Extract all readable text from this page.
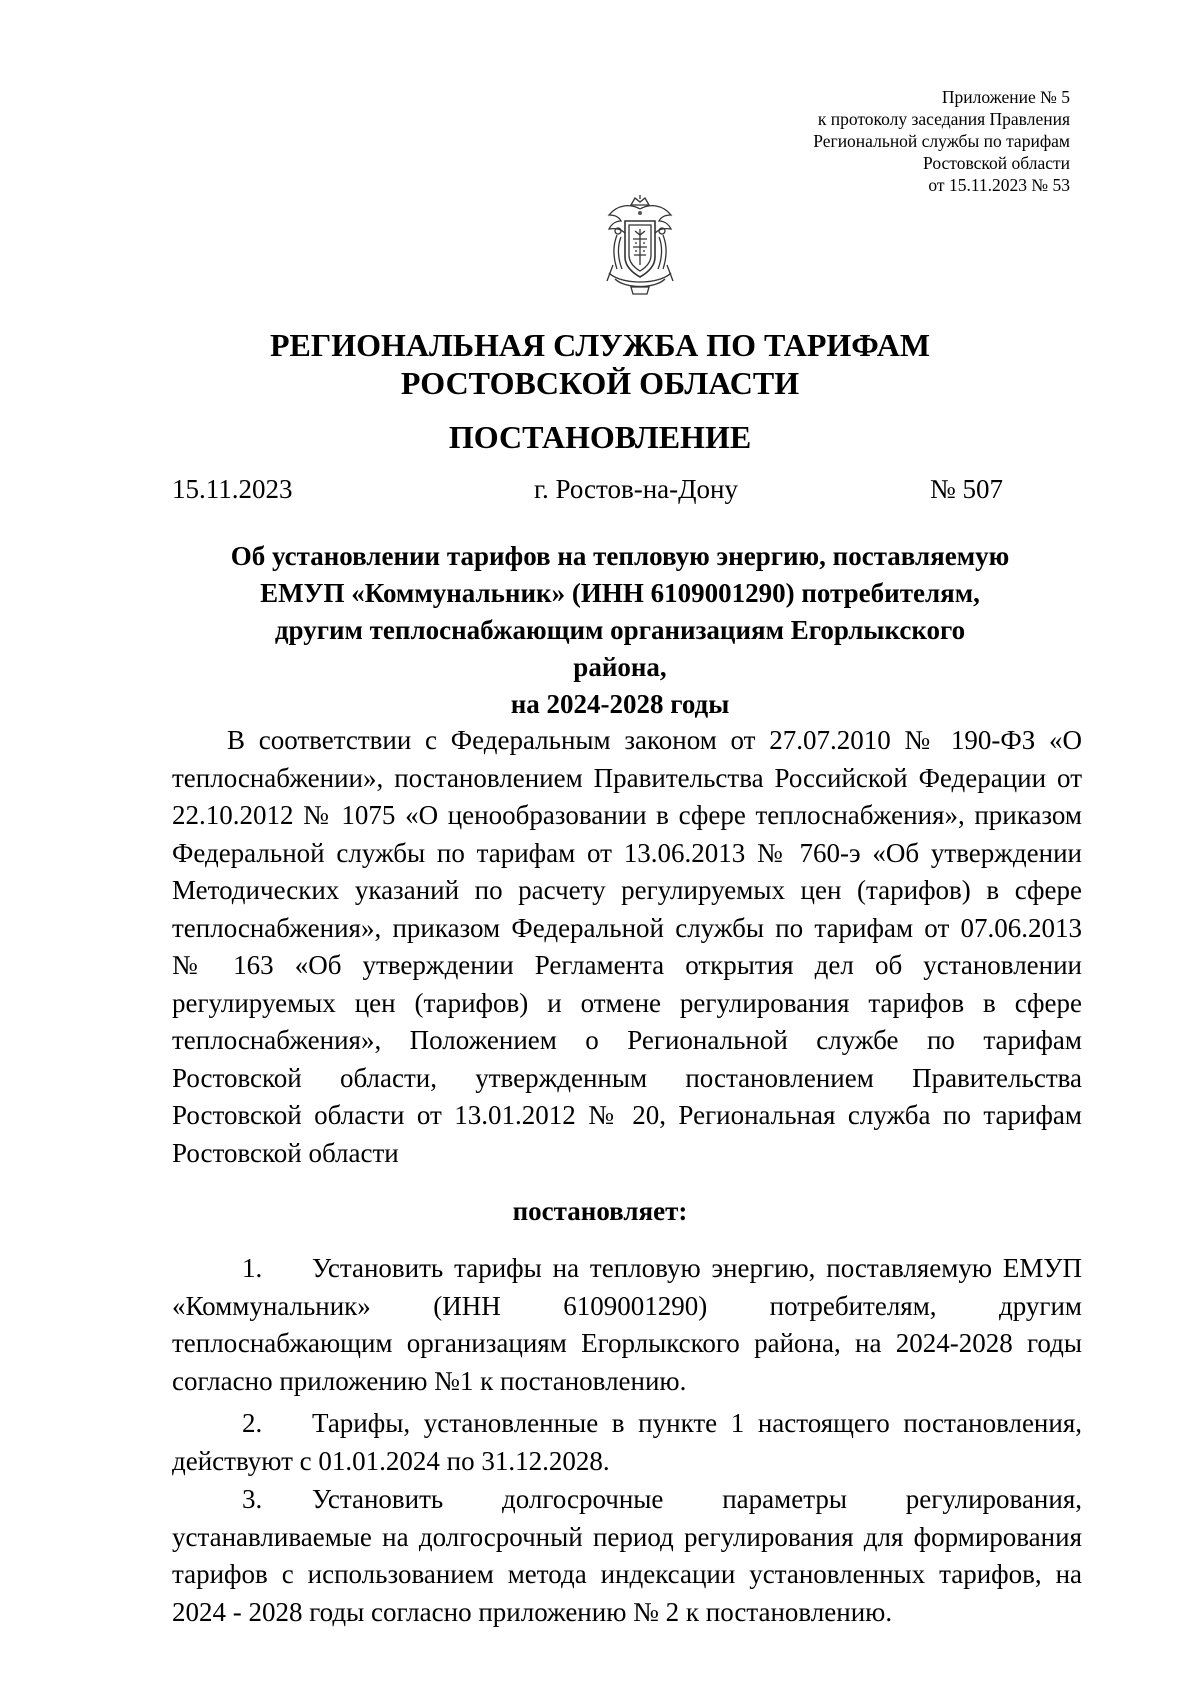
Приложение № 5
к протоколу заседания Правления
Региональной службы по тарифам
Ростовской области
от 15.11.2023 № 53
РЕГИОНАЛЬНАЯ СЛУЖБА ПО ТАРИФАМ
РОСТОВСКОЙ ОБЛАСТИ
ПОСТАНОВЛЕНИЕ
15.11.2023	г. Ростов-на-Дону	№ 507
Об установлении тарифов на тепловую энергию, поставляемую
ЕМУП «Коммунальник» (ИНН 6109001290) потребителям,
другим теплоснабжающим организациям Егорлыкского района,
на 2024-2028 годы
В соответствии с Федеральным законом от 27.07.2010 № 190-ФЗ «О теплоснабжении», постановлением Правительства Российской Федерации от 22.10.2012 № 1075 «О ценообразовании в сфере теплоснабжения», приказом Федеральной службы по тарифам от 13.06.2013 № 760-э «Об утверждении Методических указаний по расчету регулируемых цен (тарифов) в сфере теплоснабжения», приказом Федеральной службы по тарифам от 07.06.2013 № 163 «Об утверждении Регламента открытия дел об установлении регулируемых цен (тарифов) и отмене регулирования тарифов в сфере теплоснабжения», Положением о Региональной службе по тарифам Ростовской области, утвержденным постановлением Правительства Ростовской области от 13.01.2012 № 20, Региональная служба по тарифам Ростовской области
постановляет:

1. Установить тарифы на тепловую энергию, поставляемую ЕМУП «Коммунальник» (ИНН 6109001290) потребителям, другим теплоснабжающим организациям Егорлыкского района, на 2024-2028 годы согласно приложению №1 к постановлению.

2. Тарифы, установленные в пункте 1 настоящего постановления, действуют с 01.01.2024 по 31.12.2028.

3. Установить долгосрочные параметры регулирования, устанавливаемые на долгосрочный период регулирования для формирования тарифов с использованием метода индексации установленных тарифов, на 2024 - 2028 годы согласно приложению № 2 к постановлению.
